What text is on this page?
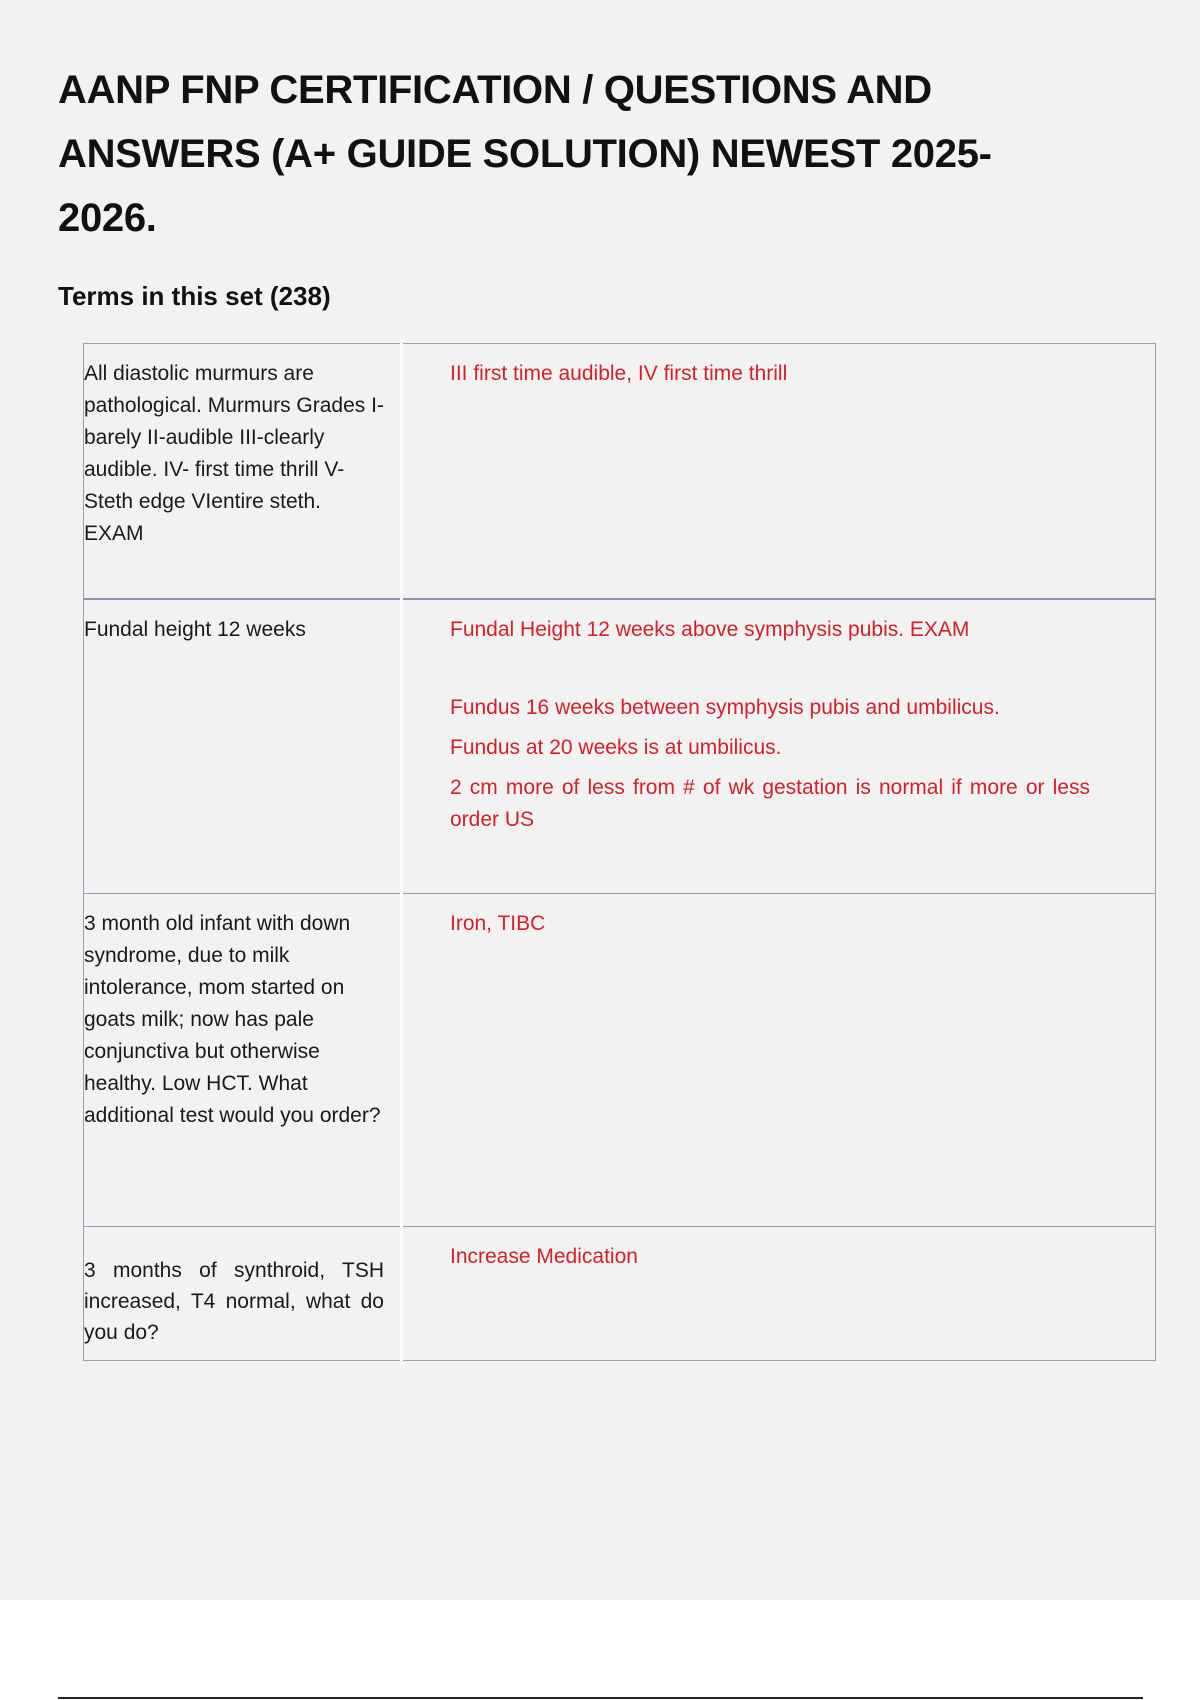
AANP FNP CERTIFICATION / QUESTIONS AND ANSWERS (A+ GUIDE SOLUTION) NEWEST 2025-2026.
Terms in this set (238)
All diastolic murmurs are pathological. Murmurs Grades I-barely II-audible III-clearly audible. IV- first time thrill V-Steth edge VIentire steth. EXAM	III first time audible, IV first time thrill

Fundal height 12 weeks	Fundal Height 12 weeks above symphysis pubis. EXAM

Fundus 16 weeks between symphysis pubis and umbilicus.

Fundus at 20 weeks is at umbilicus.

2 cm more of less from # of wk gestation is normal if more or less order US

3 month old infant with down syndrome, due to milk intolerance, mom started on goats milk; now has pale conjunctiva but otherwise healthy. Low HCT. What additional test would you order?	Iron, TIBC

3 months of synthroid, TSH increased, T4 normal, what do you do?	Increase Medication
